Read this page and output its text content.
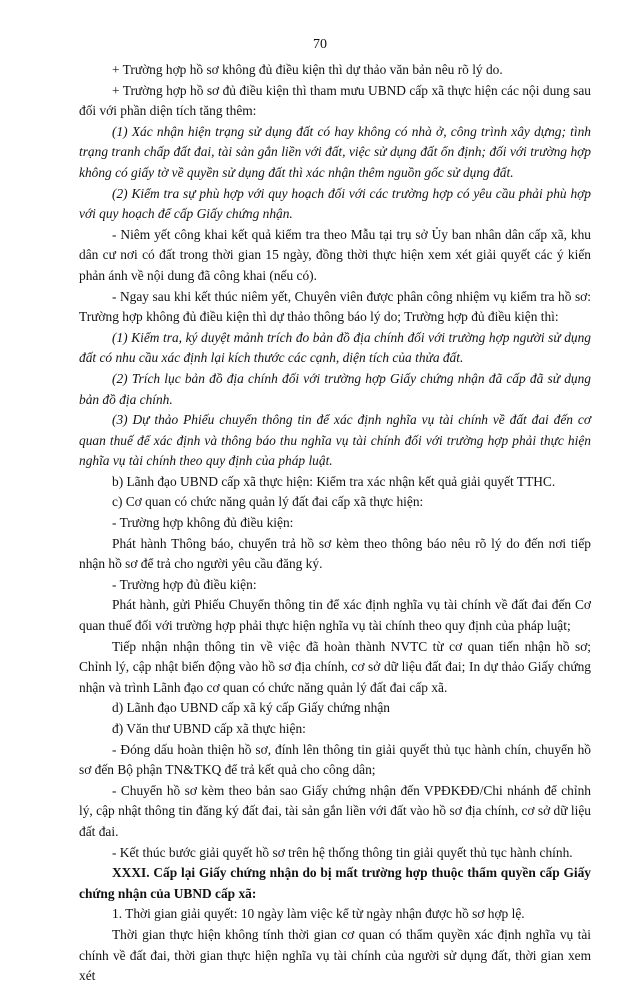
70

+ Trường hợp hồ sơ không đủ điều kiện thì dự thảo văn bản nêu rõ lý do.

+ Trường hợp hồ sơ đủ điều kiện thì tham mưu UBND cấp xã thực hiện các nội dung sau đối với phần diện tích tăng thêm:

(1) Xác nhận hiện trạng sử dụng đất có hay không có nhà ở, công trình xây dựng; tình trạng tranh chấp đất đai, tài sản gắn liền với đất, việc sử dụng đất ổn định; đối với trường hợp không có giấy tờ về quyền sử dụng đất thì xác nhận thêm nguồn gốc sử dụng đất.

(2) Kiểm tra sự phù hợp với quy hoạch đối với các trường hợp có yêu cầu phải phù hợp với quy hoạch để cấp Giấy chứng nhận.

- Niêm yết công khai kết quả kiểm tra theo Mẫu tại trụ sở Ủy ban nhân dân cấp xã, khu dân cư nơi có đất trong thời gian 15 ngày, đồng thời thực hiện xem xét giải quyết các ý kiến phản ánh về nội dung đã công khai (nếu có).

- Ngay sau khi kết thúc niêm yết, Chuyên viên được phân công nhiệm vụ kiểm tra hồ sơ: Trường hợp không đủ điều kiện thì dự thảo thông báo lý do; Trường hợp đủ điều kiện thì:

(1) Kiểm tra, ký duyệt mảnh trích đo bản đồ địa chính đối với trường hợp người sử dụng đất có nhu cầu xác định lại kích thước các cạnh, diện tích của thửa đất.

(2) Trích lục bản đồ địa chính đối với trường hợp Giấy chứng nhận đã cấp đã sử dụng bản đồ địa chính.

(3) Dự thảo Phiếu chuyển thông tin để xác định nghĩa vụ tài chính về đất đai đến cơ quan thuế để xác định và thông báo thu nghĩa vụ tài chính đối với trường hợp phải thực hiện nghĩa vụ tài chính theo quy định của pháp luật.

b) Lãnh đạo UBND cấp xã thực hiện: Kiểm tra xác nhận kết quả giải quyết TTHC.

c) Cơ quan có chức năng quản lý đất đai cấp xã thực hiện:

- Trường hợp không đủ điều kiện:

Phát hành Thông báo, chuyển trả hồ sơ kèm theo thông báo nêu rõ lý do đến nơi tiếp nhận hồ sơ để trả cho người yêu cầu đăng ký.

- Trường hợp đủ điều kiện:

Phát hành, gửi Phiếu Chuyển thông tin để xác định nghĩa vụ tài chính về đất đai đến Cơ quan thuế đối với trường hợp phải thực hiện nghĩa vụ tài chính theo quy định của pháp luật;

Tiếp nhận nhận thông tin về việc đã hoàn thành NVTC từ cơ quan tiến nhận hồ sơ; Chỉnh lý, cập nhật biến động vào hồ sơ địa chính, cơ sở dữ liệu đất đai; In dự thảo Giấy chứng nhận và trình Lãnh đạo cơ quan có chức năng quản lý đất đai cấp xã.

d) Lãnh đạo UBND cấp xã ký cấp Giấy chứng nhận

đ) Văn thư UBND cấp xã thực hiện:

- Đóng dấu hoàn thiện hồ sơ, đính lên thông tin giải quyết thủ tục hành chín, chuyển hồ sơ đến Bộ phận TN&TKQ để trả kết quả cho công dân;

- Chuyển hồ sơ kèm theo bản sao Giấy chứng nhận đến VPĐKĐĐ/Chi nhánh để chỉnh lý, cập nhật thông tin đăng ký đất đai, tài sản gắn liền với đất vào hồ sơ địa chính, cơ sở dữ liệu đất đai.

- Kết thúc bước giải quyết hồ sơ trên hệ thống thông tin giải quyết thủ tục hành chính.

XXXI. Cấp lại Giấy chứng nhận do bị mất trường hợp thuộc thẩm quyền cấp Giấy chứng nhận của UBND cấp xã:

1. Thời gian giải quyết: 10 ngày làm việc kể từ ngày nhận được hồ sơ hợp lệ.

Thời gian thực hiện không tính thời gian cơ quan có thẩm quyền xác định nghĩa vụ tài chính về đất đai, thời gian thực hiện nghĩa vụ tài chính của người sử dụng đất, thời gian xem xét
